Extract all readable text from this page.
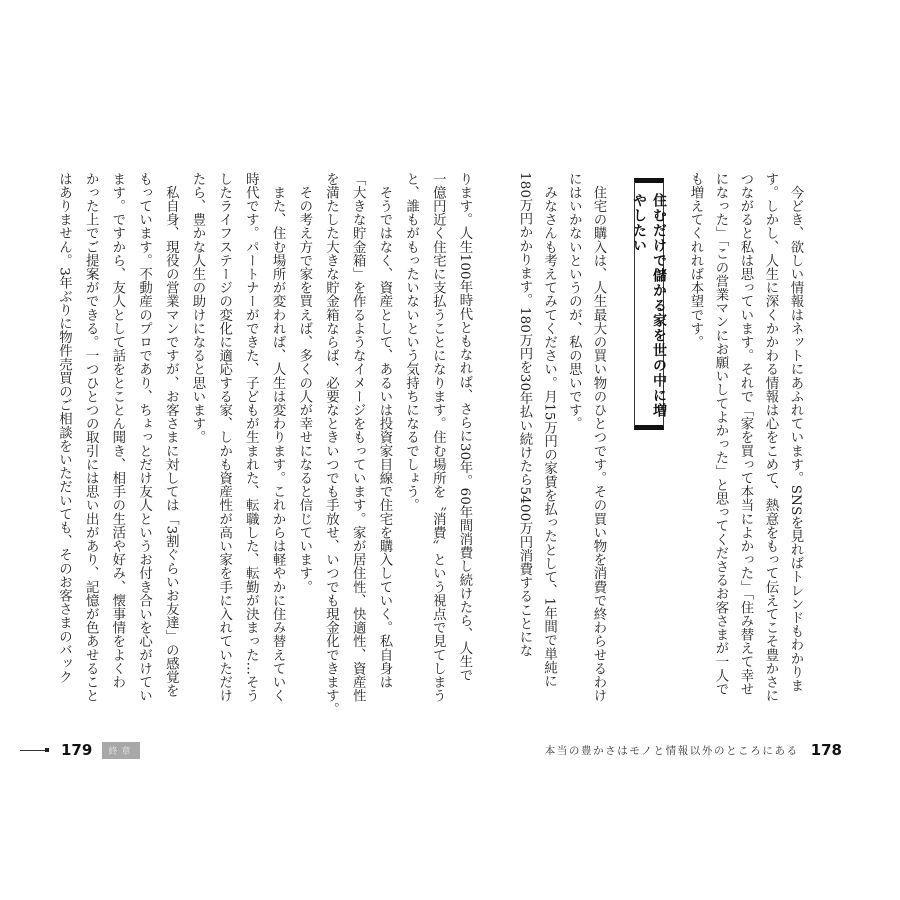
　今どき、欲しい情報はネットにあふれています。SNSを見ればトレンドもわかりま
す。しかし、人生に深くかかわる情報は心をこめて、熱意をもって伝えてこそ豊かさに
つながると私は思っています。それで「家を買って本当によかった」「住み替えて幸せ
になった」「この営業マンにお願いしてよかった」と思ってくださるお客さまが一人で
も増えてくれれば本望です。
住むだけで儲かる家を世の中に増やしたい
　住宅の購入は、人生最大の買い物のひとつです。その買い物を消費で終わらせるわけ
にはいかないというのが、私の思いです。
　みなさんも考えてみてください。月15万円の家賃を払ったとして、1年間で単純に
180万円かかります。180万円を30年払い続けたら5400万円消費することにな
ります。人生100年時代ともなれば、さらに30年。60年間消費し続けたら、人生で
一億円近く住宅に支払うことになります。住む場所を〝消費〟という視点で見てしまう
と、誰もがもったいないという気持ちになるでしょう。
　そうではなく、資産として、あるいは投資家目線で住宅を購入していく。私自身は
「大きな貯金箱」を作るようなイメージをもっています。家が居住性、快適性、資産性
を満たした大きな貯金箱ならば、必要なときいつでも手放せ、いつでも現金化できます。
　その考え方で家を買えば、多くの人が幸せになると信じています。
　また、住む場所が変われば、人生は変わります。これからは軽やかに住み替えていく
時代です。パートナーができた、子どもが生まれた、転職した、転勤が決まった…そう
したライフステージの変化に適応する家、しかも資産性が高い家を手に入れていただけ
たら、豊かな人生の助けになると思います。
　私自身、現役の営業マンですが、お客さまに対しては「3割ぐらいお友達」の感覚を
もっています。不動産のプロであり、ちょっとだけ友人というお付き合いを心がけてい
ます。ですから、友人として話をとことん聞き、相手の生活や好み、懐事情をよくわ
かった上でご提案ができる。一つひとつの取引には思い出があり、記憶が色あせること
はありません。3年ぶりに物件売買のご相談をいただいても、そのお客さまのバック
179	終章	本当の豊かさはモノと情報以外のところにある 178
